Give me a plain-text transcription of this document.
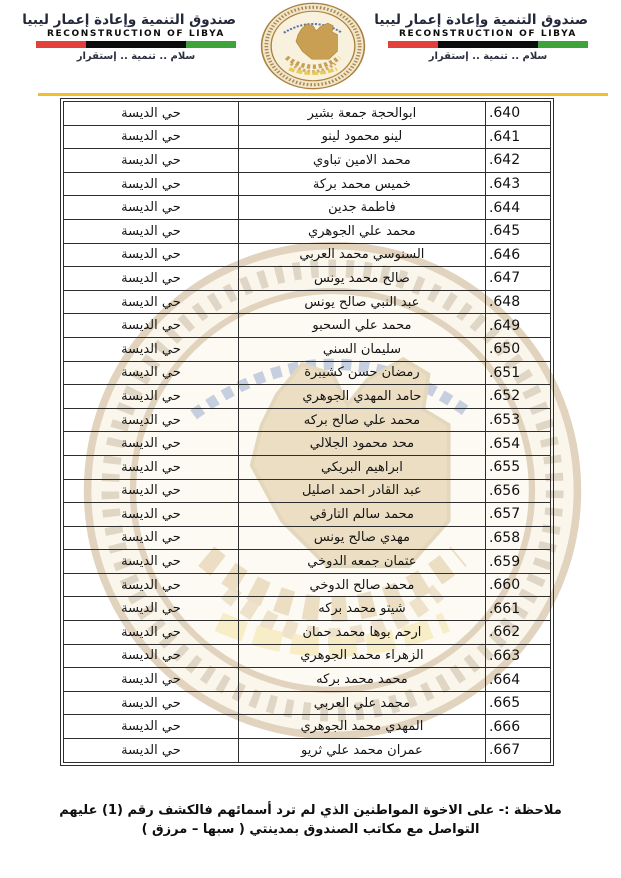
صندوق التنمية وإعادة إعمار ليبيا
RECONSTRUCTION OF LIBYA
سلام .. تنمية .. إستقرار
صندوق التنمية وإعادة إعمار ليبيا
RECONSTRUCTION OF LIBYA
سلام .. تنمية .. إستقرار
.640	ابوالحجة جمعة بشير	حي الديسة
.641	لينو محمود لينو	حي الديسة
.642	محمد الامين تباوي	حي الديسة
.643	خميس محمد بركة	حي الديسة
.644	فاطمة جدين	حي الديسة
.645	محمد علي الجوهري	حي الديسة
.646	السنوسي محمد العربي	حي الديسة
.647	صالح محمد يونس	حي الديسة
.648	عبد النبي صالح يونس	حي الديسة
.649	محمد علي السحبو	حي الديسة
.650	سليمان السني	حي الديسة
.651	رمضان حسن كشيبرة	حي الديسة
.652	حامد المهدي الجوهري	حي الديسة
.653	محمد علي صالح بركه	حي الديسة
.654	محد محمود الجلالي	حي الديسة
.655	ابراهيم البريكي	حي الديسة
.656	عبد القادر احمد اصليل	حي الديسة
.657	محمد سالم التارقي	حي الديسة
.658	مهدي صالح يونس	حي الديسة
.659	عتمان جمعه الدوخي	حي الديسة
.660	محمد صالح الدوخي	حي الديسة
.661	شيتو محمد بركه	حي الديسة
.662	ارحم بوها محمد حمان	حي الديسة
.663	الزهراء محمد الجوهري	حي الديسة
.664	محمد محمد بركه	حي الديسة
.665	محمد علي العربي	حي الديسة
.666	المهدي محمد الجوهري	حي الديسة
.667	عمران محمد علي ثريو	حي الديسة
ملاحظة :- على الاخوة المواطنين الذي لم ترد أسمائهم فالكشف رقم (1) عليهم
التواصل مع مكاتب الصندوق بمدينتي ( سبها – مرزق )
